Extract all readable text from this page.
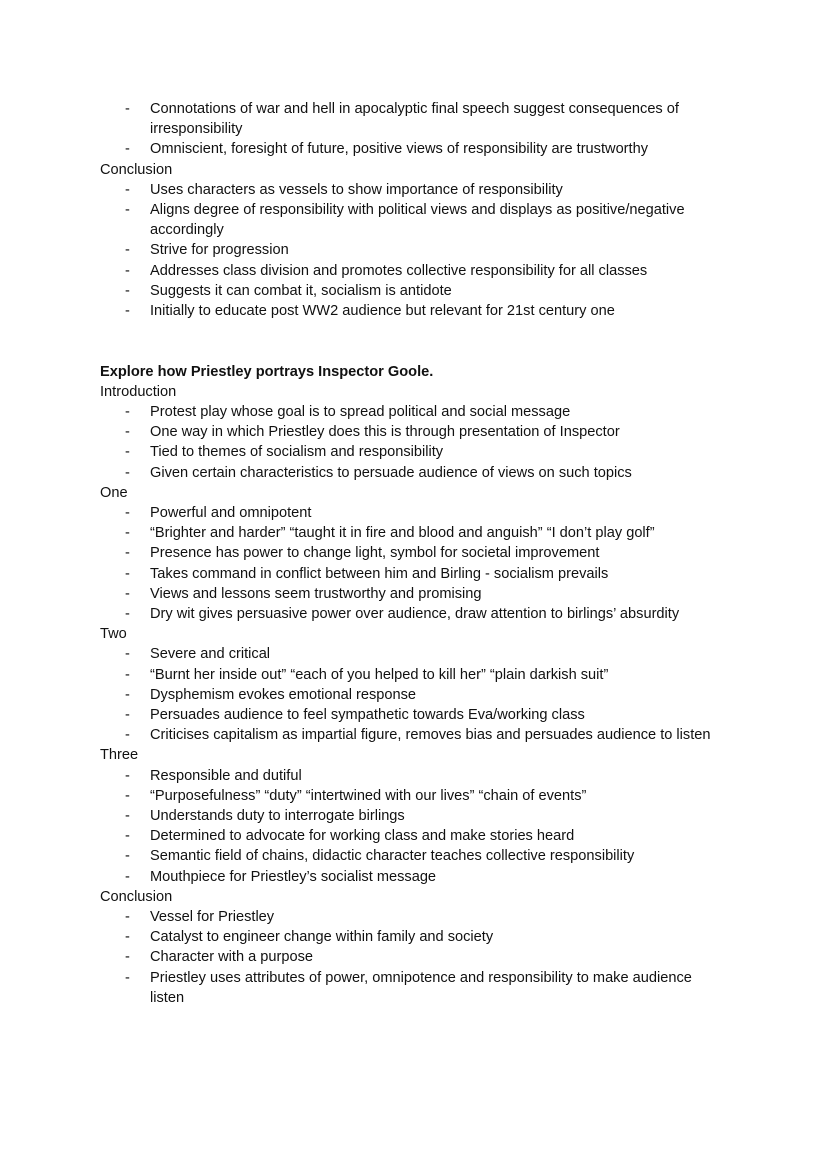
- Connotations of war and hell in apocalyptic final speech suggest consequences of irresponsibility
- Omniscient, foresight of future, positive views of responsibility are trustworthy
Conclusion
- Uses characters as vessels to show importance of responsibility
- Aligns degree of responsibility with political views and displays as positive/negative accordingly
- Strive for progression
- Addresses class division and promotes collective responsibility for all classes
- Suggests it can combat it, socialism is antidote
- Initially to educate post WW2 audience but relevant for 21st century one
Explore how Priestley portrays Inspector Goole.
Introduction
- Protest play whose goal is to spread political and social message
- One way in which Priestley does this is through presentation of Inspector
- Tied to themes of socialism and responsibility
- Given certain characteristics to persuade audience of views on such topics
One
- Powerful and omnipotent
- “Brighter and harder” “taught it in fire and blood and anguish” “I don’t play golf”
- Presence has power to change light, symbol for societal improvement
- Takes command in conflict between him and Birling - socialism prevails
- Views and lessons seem trustworthy and promising
- Dry wit gives persuasive power over audience, draw attention to birlings’ absurdity
Two
- Severe and critical
- “Burnt her inside out” “each of you helped to kill her” “plain darkish suit”
- Dysphemism evokes emotional response
- Persuades audience to feel sympathetic towards Eva/working class
- Criticises capitalism as impartial figure, removes bias and persuades audience to listen
Three
- Responsible and dutiful
- “Purposefulness” “duty” “intertwined with our lives” “chain of events”
- Understands duty to interrogate birlings
- Determined to advocate for working class and make stories heard
- Semantic field of chains, didactic character teaches collective responsibility
- Mouthpiece for Priestley’s socialist message
Conclusion
- Vessel for Priestley
- Catalyst to engineer change within family and society
- Character with a purpose
- Priestley uses attributes of power, omnipotence and responsibility to make audience listen
